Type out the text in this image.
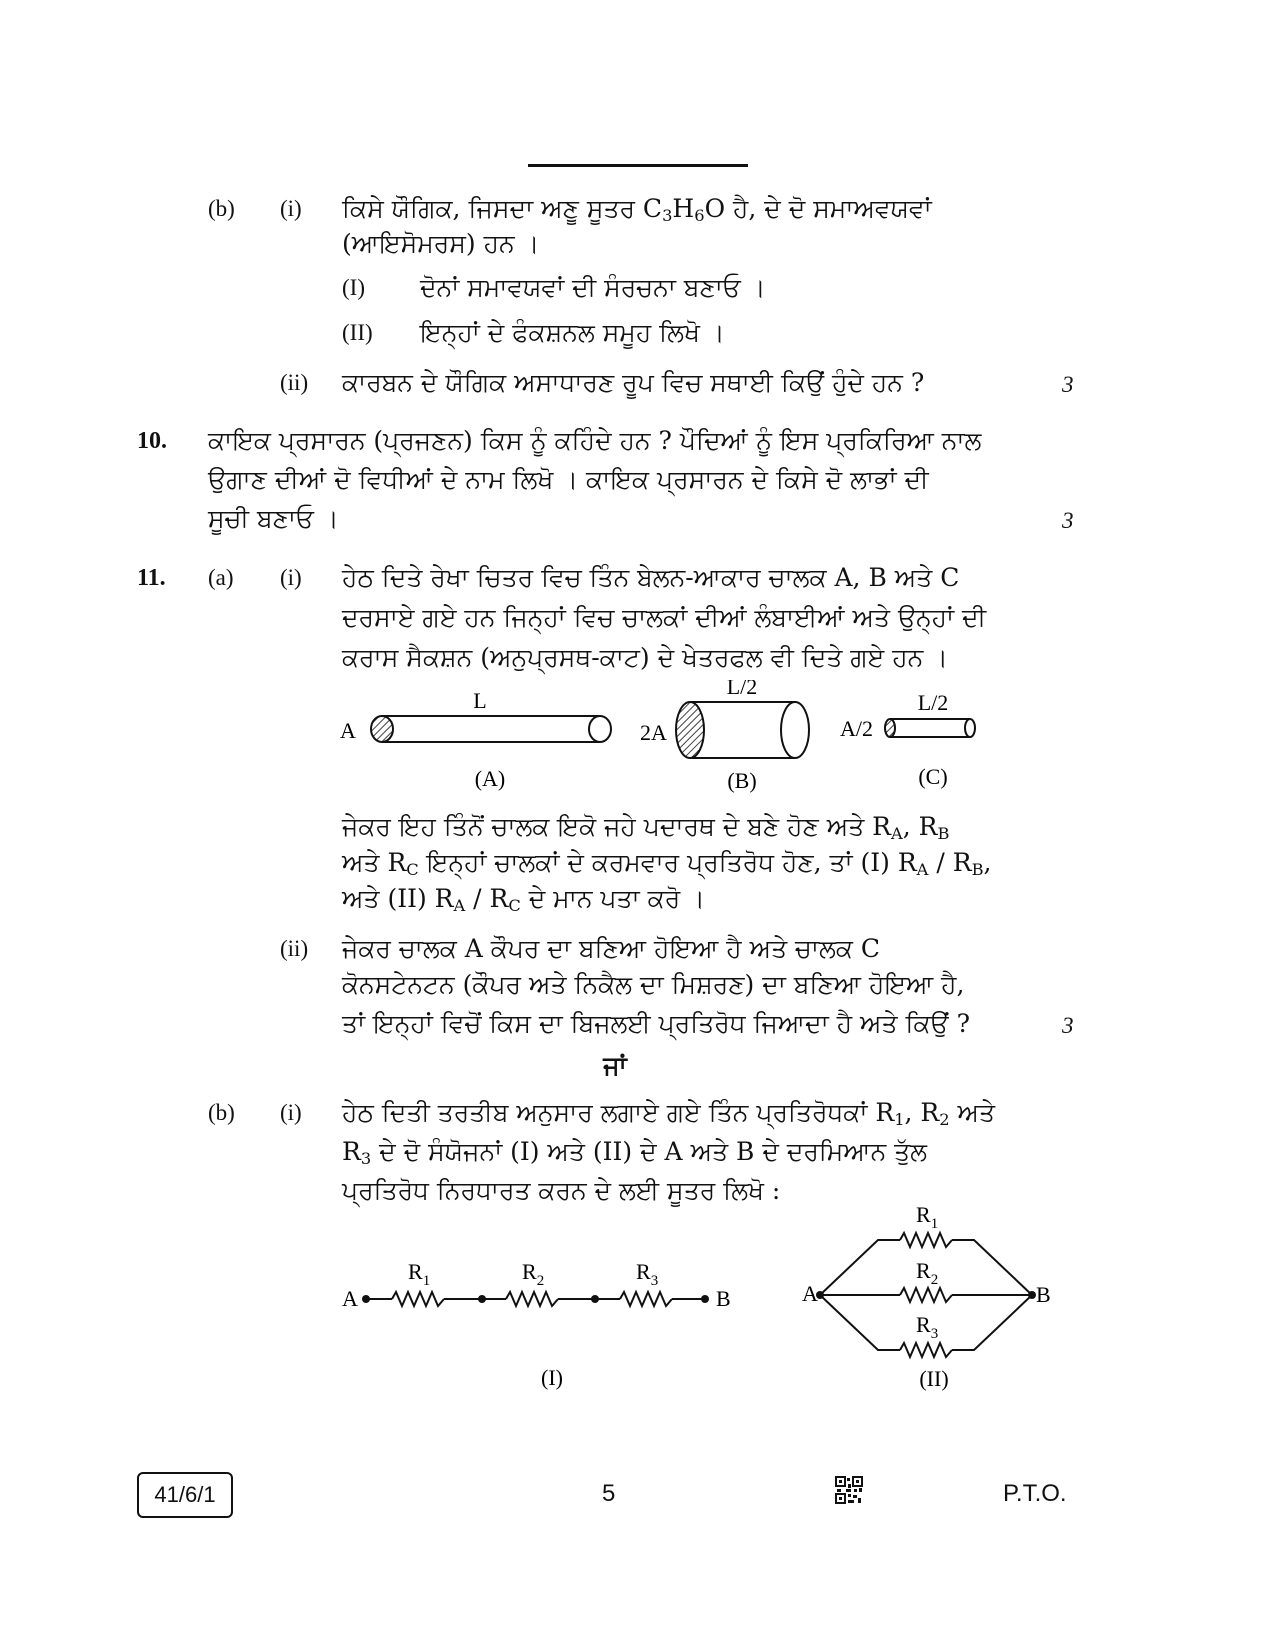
(b) (i) ਕਿਸੇ ਯੌਗਿਕ, ਜਿਸਦਾ ਅਣੂ ਸੂਤਰ $C_3H_6O$ ਹੈ, ਦੇ ਦੋ ਸਮਾਅਵਯਵਾਂ
(ਆਇਸੋਮਰਸ) ਹਨ ।
(I) ਦੋਨਾਂ ਸਮਾਵਯਵਾਂ ਦੀ ਸੰਰਚਨਾ ਬਣਾਓ ।
(II) ਇਨ੍ਹਾਂ ਦੇ ਫੰਕਸ਼ਨਲ ਸਮੂਹ ਲਿਖੋ ।
(ii) ਕਾਰਬਨ ਦੇ ਯੌਗਿਕ ਅਸਾਧਾਰਣ ਰੂਪ ਵਿਚ ਸਥਾਈ ਕਿਉਂ ਹੁੰਦੇ ਹਨ ?	3
10. ਕਾਇਕ ਪ੍ਰਸਾਰਨ (ਪ੍ਰਜਣਨ) ਕਿਸ ਨੂੰ ਕਹਿੰਦੇ ਹਨ ? ਪੌਦਿਆਂ ਨੂੰ ਇਸ ਪ੍ਰਕਿਰਿਆ ਨਾਲ
ਉਗਾਣ ਦੀਆਂ ਦੋ ਵਿਧੀਆਂ ਦੇ ਨਾਮ ਲਿਖੋ । ਕਾਇਕ ਪ੍ਰਸਾਰਨ ਦੇ ਕਿਸੇ ਦੋ ਲਾਭਾਂ ਦੀ
ਸੂਚੀ ਬਣਾਓ ।	3
11. (a) (i) ਹੇਠ ਦਿਤੇ ਰੇਖਾ ਚਿਤਰ ਵਿਚ ਤਿੰਨ ਬੇਲਨ-ਆਕਾਰ ਚਾਲਕ A, B ਅਤੇ C
ਦਰਸਾਏ ਗਏ ਹਨ ਜਿਨ੍ਹਾਂ ਵਿਚ ਚਾਲਕਾਂ ਦੀਆਂ ਲੰਬਾਈਆਂ ਅਤੇ ਉਨ੍ਹਾਂ ਦੀ
ਕਰਾਸ ਸੈਕਸ਼ਨ (ਅਨੁਪ੍ਰਸਥ-ਕਾਟ) ਦੇ ਖੇਤਰਫਲ ਵੀ ਦਿਤੇ ਗਏ ਹਨ ।
A
L
(A)
2A
L/2
(B)
A/2
L/2
(C)
ਜੇਕਰ ਇਹ ਤਿੰਨੋਂ ਚਾਲਕ ਇਕੋ ਜਹੇ ਪਦਾਰਥ ਦੇ ਬਣੇ ਹੋਣ ਅਤੇ $R_A$, $R_B$
ਅਤੇ $R_C$ ਇਨ੍ਹਾਂ ਚਾਲਕਾਂ ਦੇ ਕਰਮਵਾਰ ਪ੍ਰਤਿਰੋਧ ਹੋਣ, ਤਾਂ (I) $R_A / R_B$,
ਅਤੇ (II) $R_A / R_C$ ਦੇ ਮਾਨ ਪਤਾ ਕਰੋ ।
(ii) ਜੇਕਰ ਚਾਲਕ A ਕੌਪਰ ਦਾ ਬਣਿਆ ਹੋਇਆ ਹੈ ਅਤੇ ਚਾਲਕ C
ਕੋਨਸਟੇਨਟਨ (ਕੌਪਰ ਅਤੇ ਨਿਕੈਲ ਦਾ ਮਿਸ਼ਰਣ) ਦਾ ਬਣਿਆ ਹੋਇਆ ਹੈ,
ਤਾਂ ਇਨ੍ਹਾਂ ਵਿਚੋਂ ਕਿਸ ਦਾ ਬਿਜਲਈ ਪ੍ਰਤਿਰੋਧ ਜਿਆਦਾ ਹੈ ਅਤੇ ਕਿਉਂ ?	3
ਜਾਂ
(b) (i) ਹੇਠ ਦਿਤੀ ਤਰਤੀਬ ਅਨੁਸਾਰ ਲਗਾਏ ਗਏ ਤਿੰਨ ਪ੍ਰਤਿਰੋਧਕਾਂ $R_1$, $R_2$ ਅਤੇ
$R_3$ ਦੇ ਦੋ ਸੰਯੋਜਨਾਂ (I) ਅਤੇ (II) ਦੇ A ਅਤੇ B ਦੇ ਦਰਮਿਆਨ ਤੁੱਲ
ਪ੍ਰਤਿਰੋਧ ਨਿਰਧਾਰਤ ਕਰਨ ਦੇ ਲਈ ਸੂਤਰ ਲਿਖੋ :
A	B
$R_1$	$R_2$	$R_3$
(I)
A	B
$R_1$
$R_2$
$R_3$
(II)
41/6/1	5	P.T.O.
